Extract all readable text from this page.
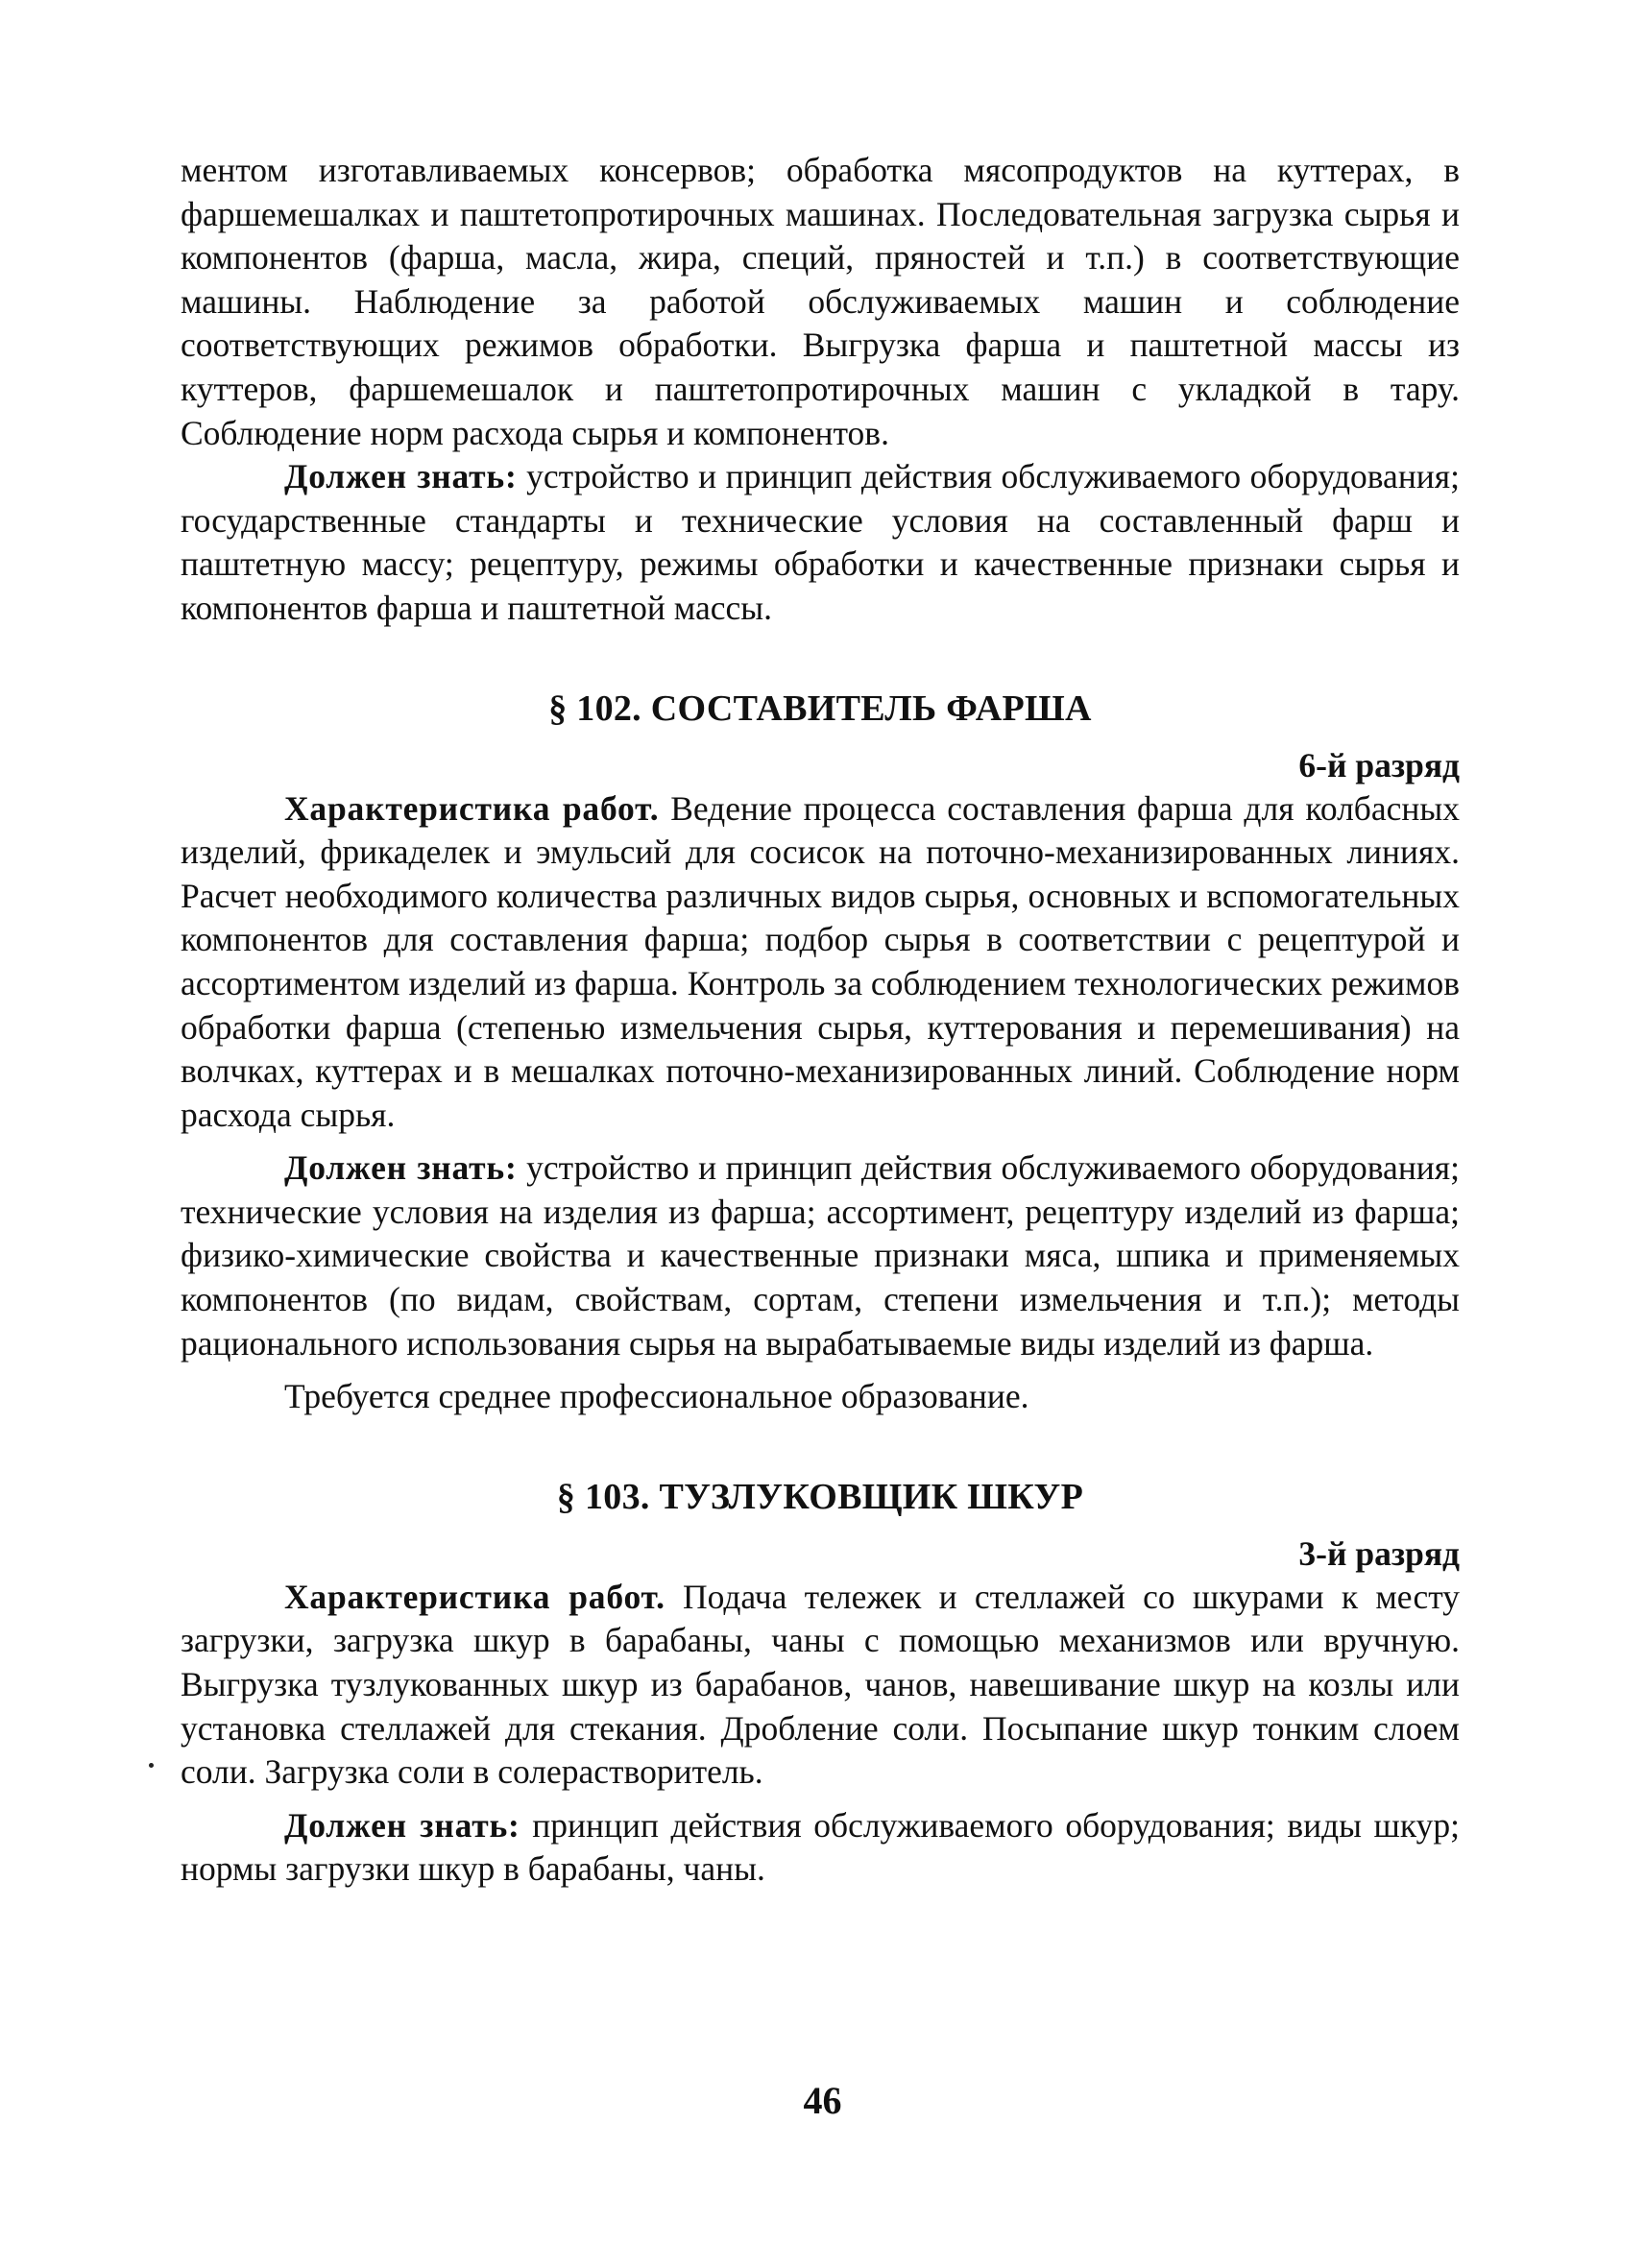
ментом изготавливаемых консервов; обработка мясопродуктов на куттерах, в фаршемешалках и паштетопротирочных машинах. Последовательная загрузка сырья и компонентов (фарша, масла, жира, специй, пряностей и т.п.) в соответствующие машины. Наблюдение за работой обслуживаемых машин и соблюдение соответствующих режимов обработки. Выгрузка фарша и паштетной массы из куттеров, фаршемешалок и паштетопротирочных машин с укладкой в тару. Соблюдение норм расхода сырья и компонентов.

Должен знать: устройство и принцип действия обслуживаемого оборудования; государственные стандарты и технические условия на составленный фарш и паштетную массу; рецептуру, режимы обработки и качественные признаки сырья и компонентов фарша и паштетной массы.

§ 102. СОСТАВИТЕЛЬ ФАРША
6-й разряд

Характеристика работ. Ведение процесса составления фарша для колбасных изделий, фрикаделек и эмульсий для сосисок на поточно-механизированных линиях. Расчет необходимого количества различных видов сырья, основных и вспомогательных компонентов для составления фарша; подбор сырья в соответствии с рецептурой и ассортиментом изделий из фарша. Контроль за соблюдением технологических режимов обработки фарша (степенью измельчения сырья, куттерования и перемешивания) на волчках, куттерах и в мешалках поточно-механизированных линий. Соблюдение норм расхода сырья.

Должен знать: устройство и принцип действия обслуживаемого оборудования; технические условия на изделия из фарша; ассортимент, рецептуру изделий из фарша; физико-химические свойства и качественные признаки мяса, шпика и применяемых компонентов (по видам, свойствам, сортам, степени измельчения и т.п.); методы рационального использования сырья на вырабатываемые виды изделий из фарша.

Требуется среднее профессиональное образование.

§ 103. ТУЗЛУКОВЩИК ШКУР
3-й разряд

Характеристика работ. Подача тележек и стеллажей со шкурами к месту загрузки, загрузка шкур в барабаны, чаны с помощью механизмов или вручную. Выгрузка тузлукованных шкур из барабанов, чанов, навешивание шкур на козлы или установка стеллажей для стекания. Дробление соли. Посыпание шкур тонким слоем соли. Загрузка соли в солерастворитель.

Должен знать: принцип действия обслуживаемого оборудования; виды шкур; нормы загрузки шкур в барабаны, чаны.

46
